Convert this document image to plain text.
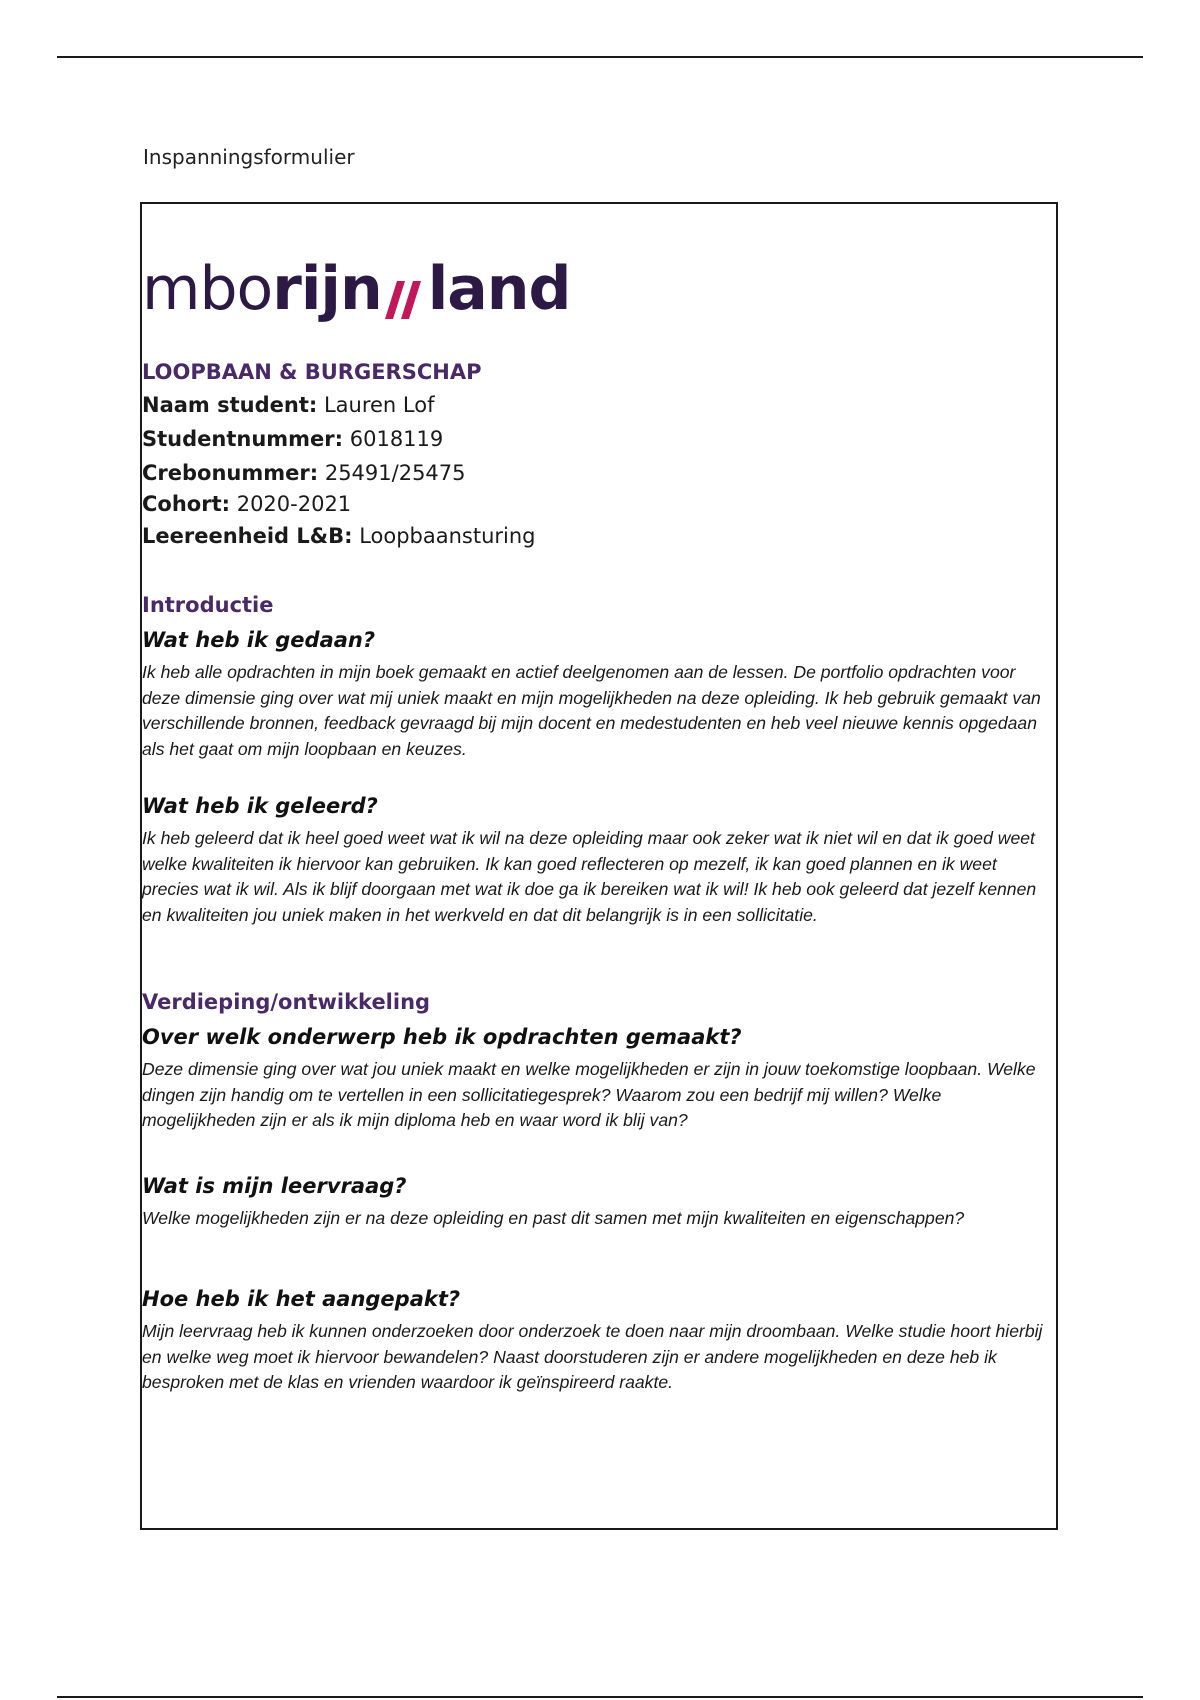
Inspanningsformulier
mbo rijn land
LOOPBAAN & BURGERSCHAP
Naam student: Lauren Lof
Studentnummer: 6018119
Crebonummer: 25491/25475
Cohort: 2020-2021
Leereenheid L&B: Loopbaansturing
Introductie
Wat heb ik gedaan?
Ik heb alle opdrachten in mijn boek gemaakt en actief deelgenomen aan de lessen. De portfolio opdrachten voor deze dimensie ging over wat mij uniek maakt en mijn mogelijkheden na deze opleiding. Ik heb gebruik gemaakt van verschillende bronnen, feedback gevraagd bij mijn docent en medestudenten en heb veel nieuwe kennis opgedaan als het gaat om mijn loopbaan en keuzes.
Wat heb ik geleerd?
Ik heb geleerd dat ik heel goed weet wat ik wil na deze opleiding maar ook zeker wat ik niet wil en dat ik goed weet welke kwaliteiten ik hiervoor kan gebruiken. Ik kan goed reflecteren op mezelf, ik kan goed plannen en ik weet precies wat ik wil. Als ik blijf doorgaan met wat ik doe ga ik bereiken wat ik wil! Ik heb ook geleerd dat jezelf kennen en kwaliteiten jou uniek maken in het werkveld en dat dit belangrijk is in een sollicitatie.
Verdieping/ontwikkeling
Over welk onderwerp heb ik opdrachten gemaakt?
Deze dimensie ging over wat jou uniek maakt en welke mogelijkheden er zijn in jouw toekomstige loopbaan. Welke dingen zijn handig om te vertellen in een sollicitatiegesprek? Waarom zou een bedrijf mij willen? Welke mogelijkheden zijn er als ik mijn diploma heb en waar word ik blij van?
Wat is mijn leervraag?
Welke mogelijkheden zijn er na deze opleiding en past dit samen met mijn kwaliteiten en eigenschappen?
Hoe heb ik het aangepakt?
Mijn leervraag heb ik kunnen onderzoeken door onderzoek te doen naar mijn droombaan. Welke studie hoort hierbij en welke weg moet ik hiervoor bewandelen? Naast doorstuderen zijn er andere mogelijkheden en deze heb ik besproken met de klas en vrienden waardoor ik geïnspireerd raakte.
